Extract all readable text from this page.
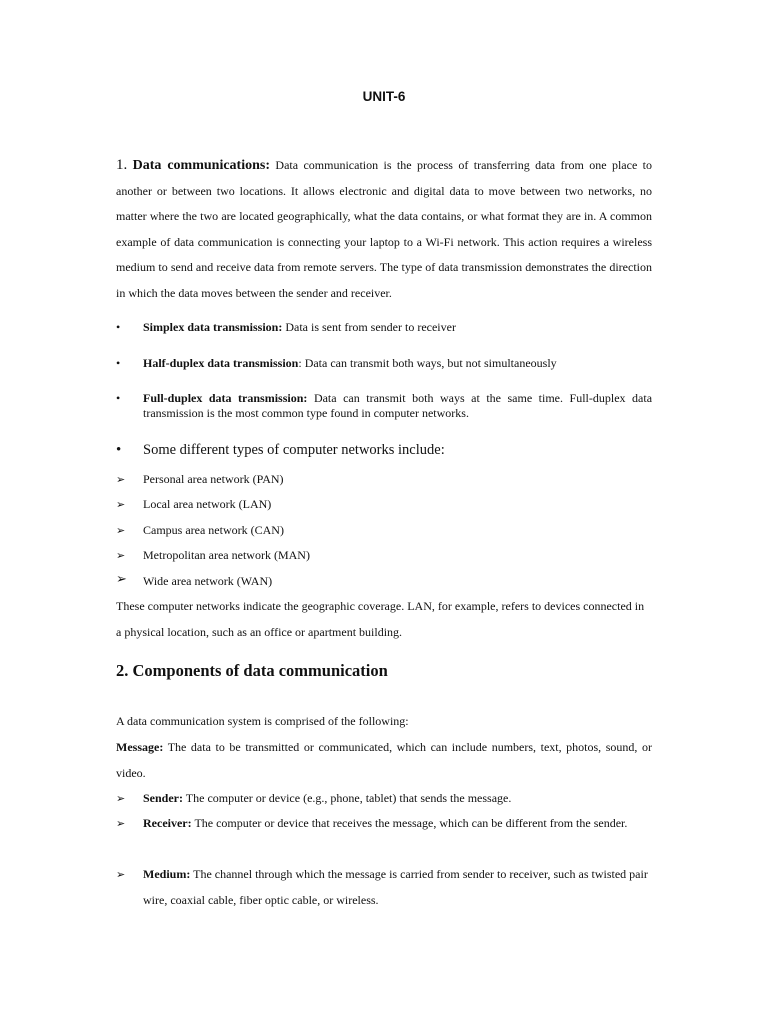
UNIT-6

1. Data communications: Data communication is the process of transferring data from one place to another or between two locations. It allows electronic and digital data to move between two networks, no matter where the two are located geographically, what the data contains, or what format they are in. A common example of data communication is connecting your laptop to a Wi-Fi network. This action requires a wireless medium to send and receive data from remote servers. The type of data transmission demonstrates the direction in which the data moves between the sender and receiver.

• Simplex data transmission: Data is sent from sender to receiver
• Half-duplex data transmission: Data can transmit both ways, but not simultaneously
• Full-duplex data transmission: Data can transmit both ways at the same time. Full-duplex data transmission is the most common type found in computer networks.
• Some different types of computer networks include:
➢ Personal area network (PAN)
➢ Local area network (LAN)
➢ Campus area network (CAN)
➢ Metropolitan area network (MAN)
➢ Wide area network (WAN)

These computer networks indicate the geographic coverage. LAN, for example, refers to devices connected in a physical location, such as an office or apartment building.

2. Components of data communication

A data communication system is comprised of the following:

Message: The data to be transmitted or communicated, which can include numbers, text, photos, sound, or video.

➢ Sender: The computer or device (e.g., phone, tablet) that sends the message.
➢ Receiver: The computer or device that receives the message, which can be different from the sender.
➢ Medium: The channel through which the message is carried from sender to receiver, such as twisted pair wire, coaxial cable, fiber optic cable, or wireless.
